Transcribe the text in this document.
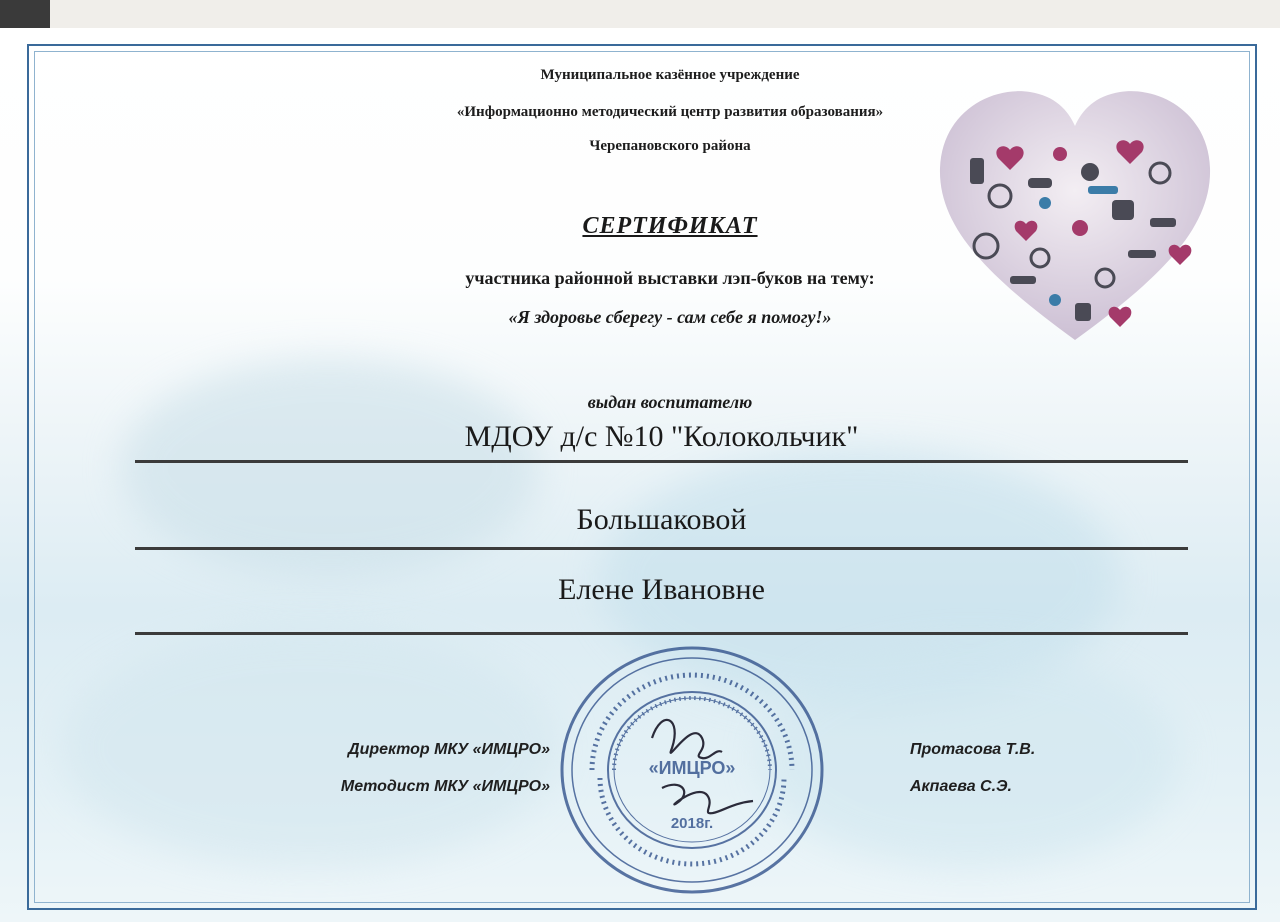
Муниципальное казённое учреждение
«Информационно методический центр развития образования»
Черепановского района
СЕРТИФИКАТ
участника районной выставки лэп-буков на тему:
«Я здоровье сберегу - сам себе я помогу!»
выдан воспитателю
МДОУ д/с №10 "Колокольчик"
Большаковой
Елене Ивановне
Директор МКУ «ИМЦРО»	Протасова Т.В.
Методист МКУ «ИМЦРО»	Акпаева С.Э.
«ИМЦРО»
2018г.
